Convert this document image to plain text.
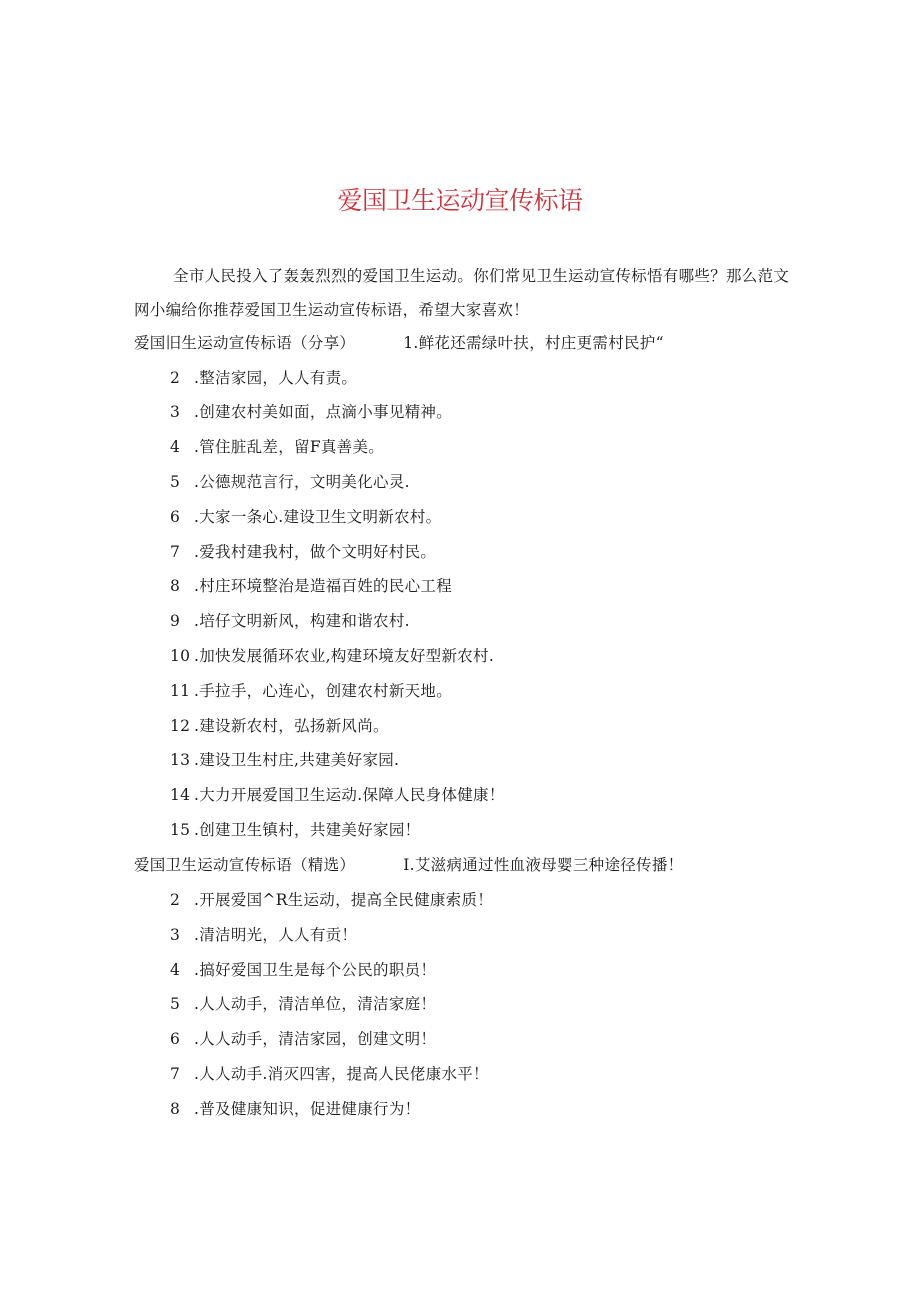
爱国卫生运动宣传标语
全市人民投入了轰轰烈烈的爱国卫生运动。你们常见卫生运动宣传标悟有哪些？那么范文网小编给你推荐爱国卫生运动宣传标语，希望大家喜欢！
爱国旧生运动宣传标语（分享）	1.鲜花还需绿叶扶，村庄更需村民护“
2 .整洁家园，人人有责。
3 .创建农村美如面，点滴小事见精神。
4 .管住脏乱差，留F真善美。
5 .公德规范言行，文明美化心灵.
6 .大家一条心.建设卫生文明新农村。
7 .爱我村建我村，做个文明好村民。
8 .村庄环境整治是造福百姓的民心工程
9 .培仔文明新风，构建和谐农村.
10 .加快发展循环农业,构建环境友好型新农村.
11 .手拉手，心连心，创建农村新天地。
12 .建设新农村，弘扬新风尚。
13 .建设卫生村庄,共建美好家园.
14 .大力开展爱国卫生运动.保障人民身体健康！
15 .创建卫生镇村，共建美好家园！
爱国卫生运动宣传标语（精选）	I.艾滋病通过性血液母婴三种途径传播！
2 .开展爱国^R生运动，提高全民健康索质！
3 .清洁明光，人人有贡！
4 .搞好爱国卫生是每个公民的职员！
5 .人人动手，清洁单位，清洁家庭！
6 .人人动手，清洁家园，创建文明！
7 .人人动手.消灭四害，提高人民佬康水平！
8 .普及健康知识，促进健康行为！
